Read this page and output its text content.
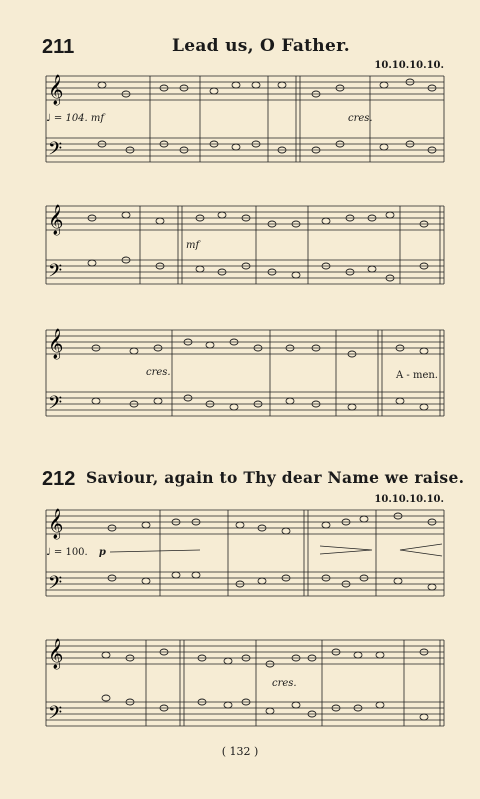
211	Lead us, O Father.
10.10.10.10.
𝄞
𝄢
♩ = 104. mf	cres.
𝄞
𝄢
mf
𝄞
𝄢
cres.	A - men.
212 Saviour, again to Thy dear Name we raise.
10.10.10.10.
𝄞
𝄢
♩ = 100. p
𝄞
𝄢
cres.
( 132 )
